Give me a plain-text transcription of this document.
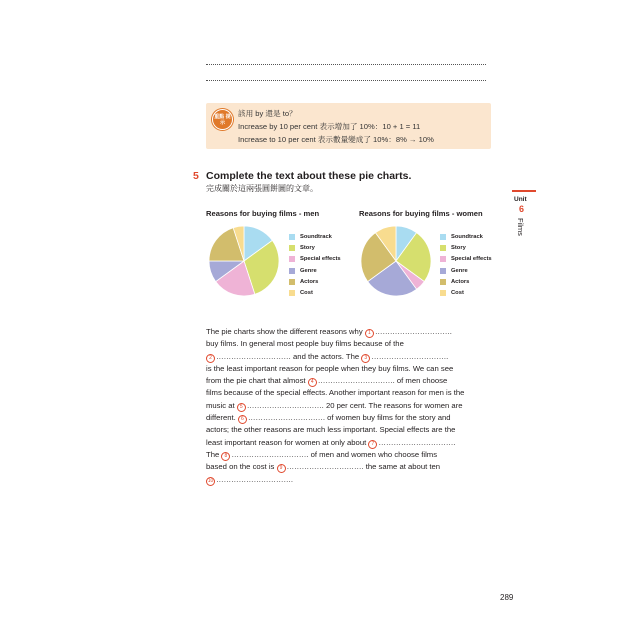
重點 提示
該用 by 還是 to？
Increase by 10 per cent 表示增加了 10%：10 + 1 = 11
Increase to 10 per cent 表示數量變成了 10%：8% → 10%
5 Complete the text about these pie charts.
完成關於這兩張圓餅圖的文章。
Unit
6
Films
Reasons for buying films - men	Reasons for buying films - women
Soundtrack
Story
Special effects
Genre
Actors
Cost
Soundtrack
Story
Special effects
Genre
Actors
Cost
The pie charts show the different reasons why 1 ………………………….
buy films. In general most people buy films because of the
2 ………………………… and the actors. The 3 ………………………….
is the least important reason for people when they buy films. We can see
from the pie chart that almost 4 …………………………. of men choose
films because of the special effects. Another important reason for men is the
music at 5 …………………………. 20 per cent. The reasons for women are
different. 6 …………………………. of women buy films for the story and
actors; the other reasons are much less important. Special effects are the
least important reason for women at only about 7 ………………………….
The 8 …………………………. of men and women who choose films
based on the cost is 9 …………………………. the same at about ten
10 ………………………….
289
